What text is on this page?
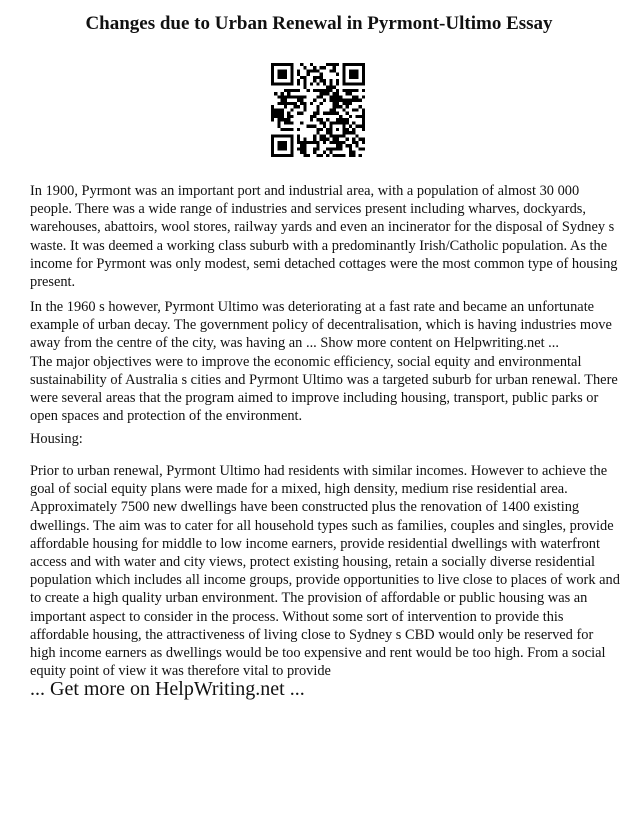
Changes due to Urban Renewal in Pyrmont-Ultimo Essay

In 1900, Pyrmont was an important port and industrial area, with a population of almost 30 000
people. There was a wide range of industries and services present including wharves, dockyards,
warehouses, abattoirs, wool stores, railway yards and even an incinerator for the disposal of Sydney s
waste. It was deemed a working class suburb with a predominantly Irish/Catholic population. As the
income for Pyrmont was only modest, semi detached cottages were the most common type of housing
present.

In the 1960 s however, Pyrmont Ultimo was deteriorating at a fast rate and became an unfortunate
example of urban decay. The government policy of decentralisation, which is having industries move
away from the centre of the city, was having an ... Show more content on Helpwriting.net ...
The major objectives were to improve the economic efficiency, social equity and environmental
sustainability of Australia s cities and Pyrmont Ultimo was a targeted suburb for urban renewal. There
were several areas that the program aimed to improve including housing, transport, public parks or
open spaces and protection of the environment.

Housing:

Prior to urban renewal, Pyrmont Ultimo had residents with similar incomes. However to achieve the
goal of social equity plans were made for a mixed, high density, medium rise residential area.
Approximately 7500 new dwellings have been constructed plus the renovation of 1400 existing
dwellings. The aim was to cater for all household types such as families, couples and singles, provide
affordable housing for middle to low income earners, provide residential dwellings with waterfront
access and with water and city views, protect existing housing, retain a socially diverse residential
population which includes all income groups, provide opportunities to live close to places of work and
to create a high quality urban environment. The provision of affordable or public housing was an
important aspect to consider in the process. Without some sort of intervention to provide this
affordable housing, the attractiveness of living close to Sydney s CBD would only be reserved for
high income earners as dwellings would be too expensive and rent would be too high. From a social
equity point of view it was therefore vital to provide

... Get more on HelpWriting.net ...
